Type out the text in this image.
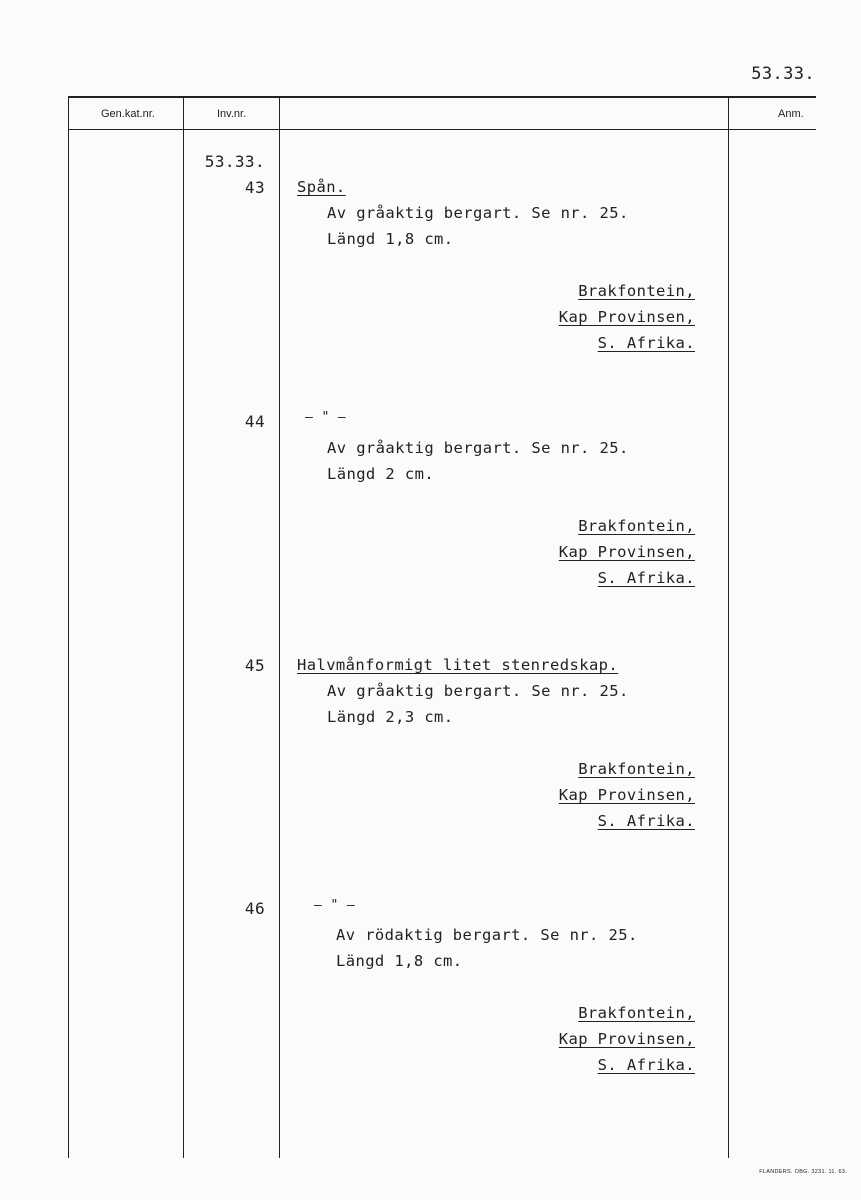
53.33.
Gen.kat.nr.	Inv.nr.	Anm.
53.33.
43 Spån.
Av gråaktig bergart. Se nr. 25.
Längd 1,8 cm.
Brakfontein,
Kap Provinsen,
S. Afrika.
44	– " –
Av gråaktig bergart. Se nr. 25.
Längd 2 cm.
Brakfontein,
Kap Provinsen,
S. Afrika.
45 Halvmånformigt litet stenredskap.
Av gråaktig bergart. Se nr. 25.
Längd 2,3 cm.
Brakfontein,
Kap Provinsen,
S. Afrika.
46	– " –
Av rödaktig bergart. Se nr. 25.
Längd 1,8 cm.
Brakfontein,
Kap Provinsen,
S. Afrika.
FLANDERS. OBG. 3231. 11. 63.
